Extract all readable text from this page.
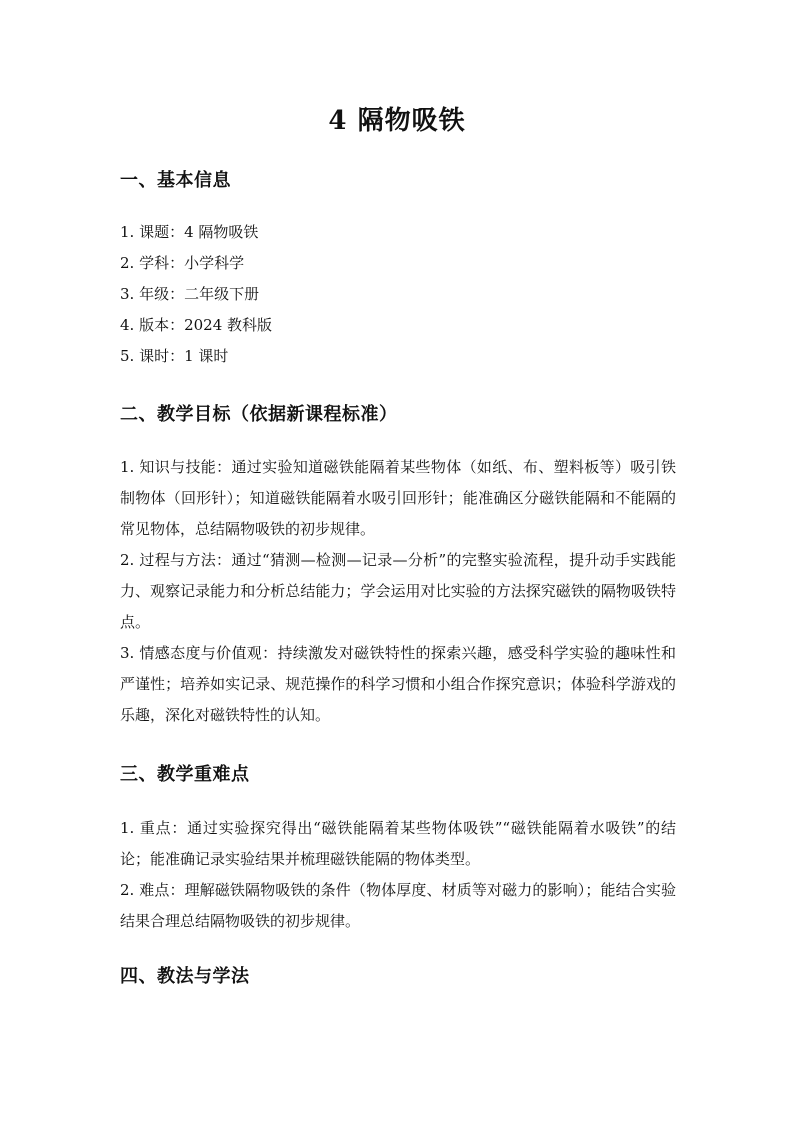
4 隔物吸铁
一、基本信息
1. 课题：4 隔物吸铁
2. 学科：小学科学
3. 年级：二年级下册
4. 版本：2024 教科版
5. 课时：1 课时
二、教学目标（依据新课程标准）
1. 知识与技能：通过实验知道磁铁能隔着某些物体（如纸、布、塑料板等）吸引铁制物体（回形针）；知道磁铁能隔着水吸引回形针；能准确区分磁铁能隔和不能隔的常见物体，总结隔物吸铁的初步规律。
2. 过程与方法：通过“猜测—检测—记录—分析”的完整实验流程，提升动手实践能力、观察记录能力和分析总结能力；学会运用对比实验的方法探究磁铁的隔物吸铁特点。
3. 情感态度与价值观：持续激发对磁铁特性的探索兴趣，感受科学实验的趣味性和严谨性；培养如实记录、规范操作的科学习惯和小组合作探究意识；体验科学游戏的乐趣，深化对磁铁特性的认知。
三、教学重难点
1. 重点：通过实验探究得出“磁铁能隔着某些物体吸铁”“磁铁能隔着水吸铁”的结论；能准确记录实验结果并梳理磁铁能隔的物体类型。
2. 难点：理解磁铁隔物吸铁的条件（物体厚度、材质等对磁力的影响）；能结合实验结果合理总结隔物吸铁的初步规律。
四、教法与学法
